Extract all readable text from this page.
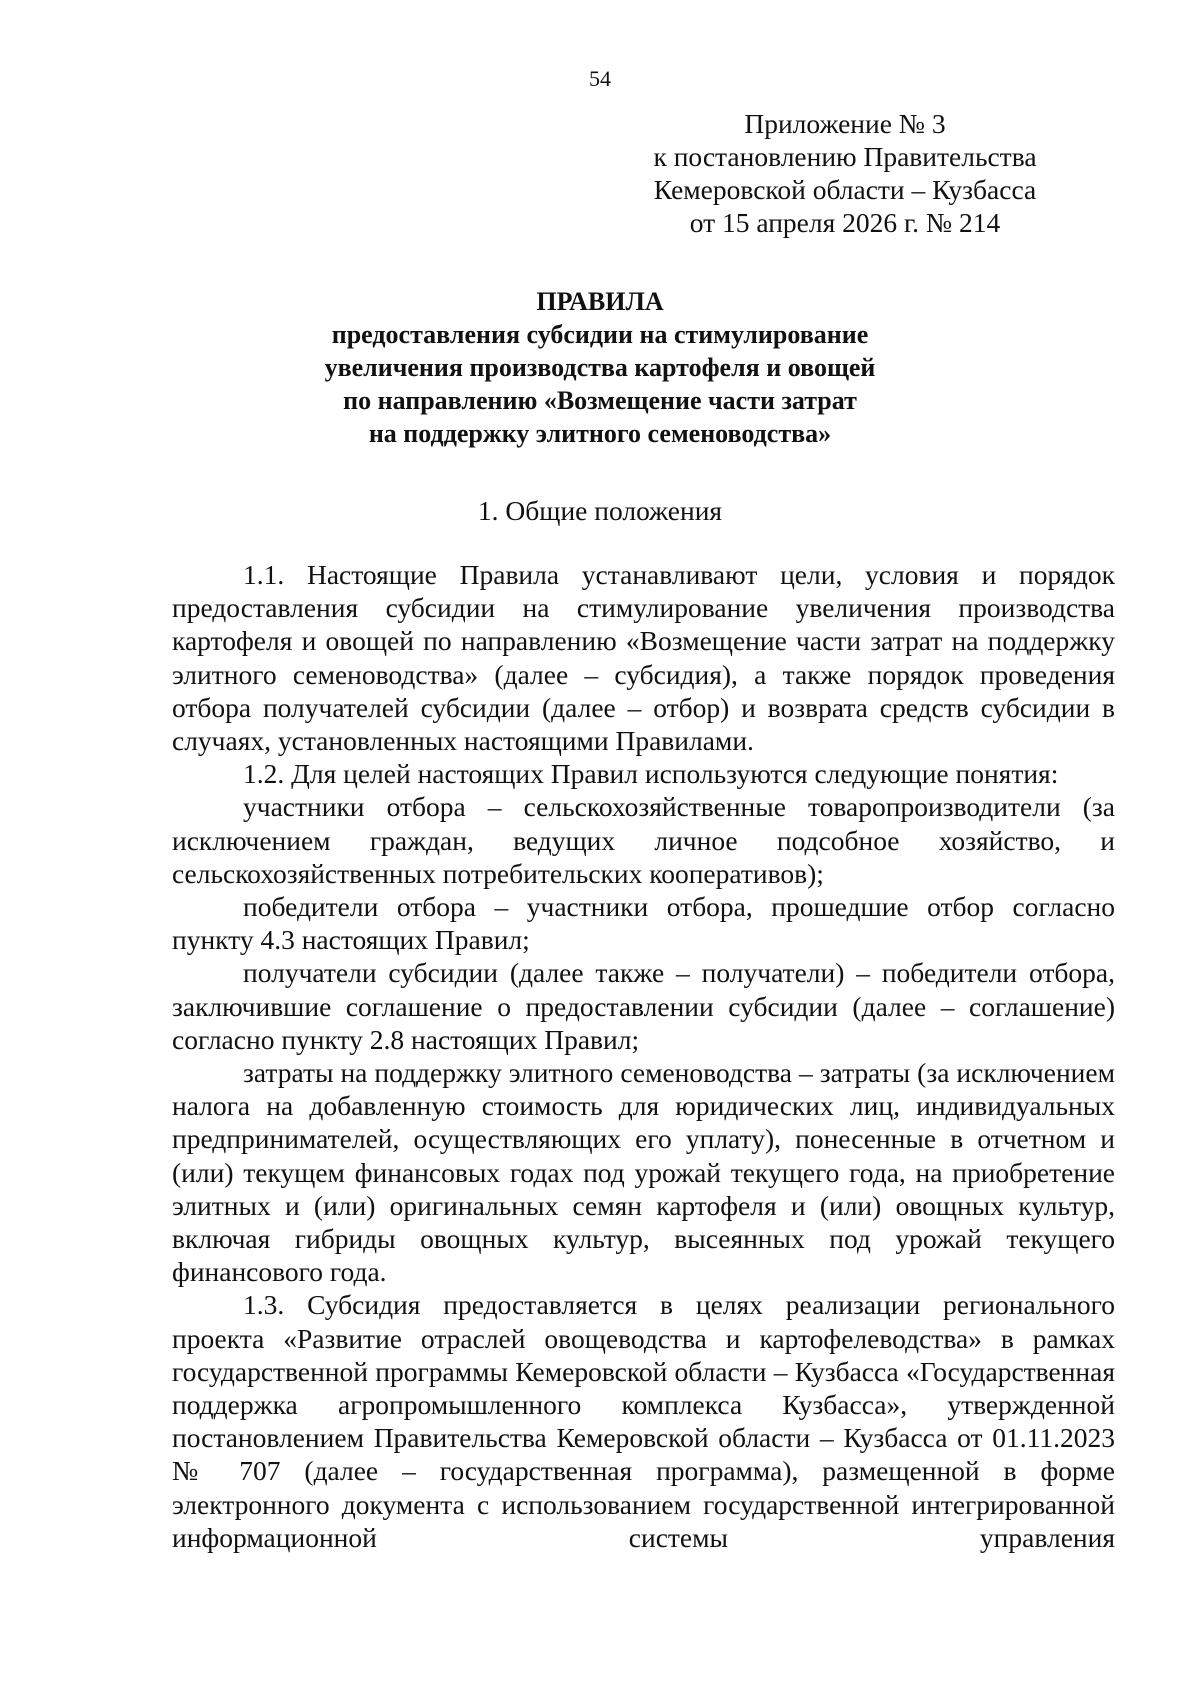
54
Приложение № 3
к постановлению Правительства
Кемеровской области – Кузбасса
от 15 апреля 2026 г. № 214
ПРАВИЛА
предоставления субсидии на стимулирование
увеличения производства картофеля и овощей
по направлению «Возмещение части затрат
на поддержку элитного семеноводства»
1. Общие положения

1.1. Настоящие Правила устанавливают цели, условия и порядок предоставления субсидии на стимулирование увеличения производства картофеля и овощей по направлению «Возмещение части затрат на поддержку элитного семеноводства» (далее – субсидия), а также порядок проведения отбора получателей субсидии (далее – отбор) и возврата средств субсидии в случаях, установленных настоящими Правилами.

1.2. Для целей настоящих Правил используются следующие понятия:

участники отбора – сельскохозяйственные товаропроизводители (за исключением граждан, ведущих личное подсобное хозяйство, и сельскохозяйственных потребительских кооперативов);

победители отбора – участники отбора, прошедшие отбор согласно пункту 4.3 настоящих Правил;

получатели субсидии (далее также – получатели) – победители отбора, заключившие соглашение о предоставлении субсидии (далее – соглашение) согласно пункту 2.8 настоящих Правил;

затраты на поддержку элитного семеноводства – затраты (за исключением налога на добавленную стоимость для юридических лиц, индивидуальных предпринимателей, осуществляющих его уплату), понесенные в отчетном и (или) текущем финансовых годах под урожай текущего года, на приобретение элитных и (или) оригинальных семян картофеля и (или) овощных культур, включая гибриды овощных культур, высеянных под урожай текущего финансового года.

1.3. Субсидия предоставляется в целях реализации регионального проекта «Развитие отраслей овощеводства и картофелеводства» в рамках государственной программы Кемеровской области – Кузбасса «Государственная поддержка агропромышленного комплекса Кузбасса», утвержденной постановлением Правительства Кемеровской области – Кузбасса от 01.11.2023 № 707 (далее – государственная программа), размещенной в форме электронного документа с использованием государственной интегрированной информационной системы управления
